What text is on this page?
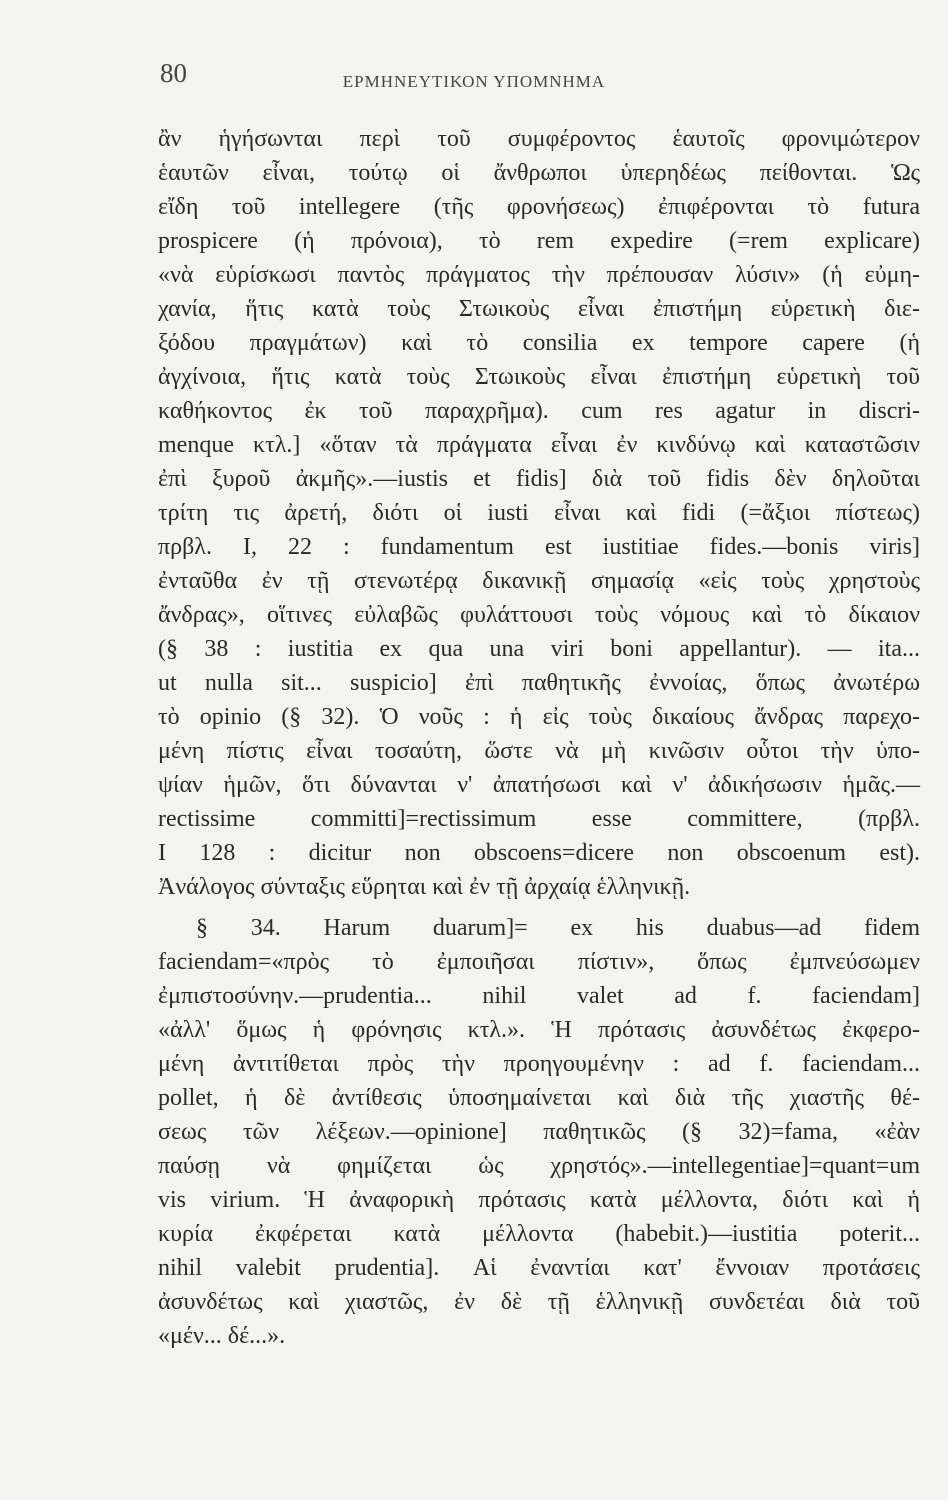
80	ΕΡΜΗΝΕΥΤΙΚΟΝ ΥΠΟΜΝΗΜΑ
ἂν ἡγήσωνται περὶ τοῦ συμφέροντος ἑαυτοῖς φρονιμώτερον
ἑαυτῶν εἶναι, τούτῳ οἱ ἄνθρωποι ὑπερηδέως πείθονται. Ὡς
εἴδη τοῦ intellegere (τῆς φρονήσεως) ἐπιφέρονται τὸ futura
prospicere (ἡ πρόνοια), τὸ rem expedire (=rem explicare)
«νὰ εὑρίσκωσι παντὸς πράγματος τὴν πρέπουσαν λύσιν» (ἡ εὐμη-
χανία, ἥτις κατὰ τοὺς Στωικοὺς εἶναι ἐπιστήμη εὑρετικὴ διε-
ξόδου πραγμάτων) καὶ τὸ consilia ex tempore capere (ἡ
ἀγχίνοια, ἥτις κατὰ τοὺς Στωικοὺς εἶναι ἐπιστήμη εὑρετικὴ τοῦ
καθήκοντος ἐκ τοῦ παραχρῆμα). cum res agatur in discri-
menque κτλ.] «ὅταν τὰ πράγματα εἶναι ἐν κινδύνῳ καὶ καταστῶσιν
ἐπὶ ξυροῦ ἀκμῆς».—iustis et fidis] διὰ τοῦ fidis δὲν δηλοῦται
τρίτη τις ἀρετή, διότι οἱ iusti εἶναι καὶ fidi (=ἄξιοι πίστεως)
πρβλ. I, 22 : fundamentum est iustitiae fides.—bonis viris]
ἐνταῦθα ἐν τῇ στενωτέρᾳ δικανικῇ σημασίᾳ «εἰς τοὺς χρηστοὺς
ἄνδρας», οἵτινες εὐλαβῶς φυλάττουσι τοὺς νόμους καὶ τὸ δίκαιον
(§ 38 : iustitia ex qua una viri boni appellantur). — ita...
ut nulla sit... suspicio] ἐπὶ παθητικῆς ἐννοίας, ὅπως ἀνωτέρω
τὸ opinio (§ 32). Ὁ νοῦς : ἡ εἰς τοὺς δικαίους ἄνδρας παρεχο-
μένη πίστις εἶναι τοσαύτη, ὥστε νὰ μὴ κινῶσιν οὗτοι τὴν ὑπο-
ψίαν ἡμῶν, ὅτι δύνανται ν' ἀπατήσωσι καὶ ν' ἀδικήσωσιν ἡμᾶς.—
rectissime committi]=rectissimum esse committere, (πρβλ.
I 128 : dicitur non obscoens=dicere non obscoenum est).
Ἀνάλογος σύνταξις εὕρηται καὶ ἐν τῇ ἀρχαίᾳ ἑλληνικῇ.
§ 34. Harum duarum]= ex his duabus—ad fidem
faciendam=«πρὸς τὸ ἐμποιῆσαι πίστιν», ὅπως ἐμπνεύσωμεν
ἐμπιστοσύνην.—prudentia... nihil valet ad f. faciendam]
«ἀλλ' ὅμως ἡ φρόνησις κτλ.». Ἡ πρότασις ἀσυνδέτως ἐκφερο-
μένη ἀντιτίθεται πρὸς τὴν προηγουμένην : ad f. faciendam...
pollet, ἡ δὲ ἀντίθεσις ὑποσημαίνεται καὶ διὰ τῆς χιαστῆς θέ-
σεως τῶν λέξεων.—opinione] παθητικῶς (§ 32)=fama, «ἐὰν
παύσῃ νὰ φημίζεται ὡς χρηστός».—intellegentiae]=quant=um
vis virium. Ἡ ἀναφορικὴ πρότασις κατὰ μέλλοντα, διότι καὶ ἡ
κυρία ἐκφέρεται κατὰ μέλλοντα (habebit.)—iustitia poterit...
nihil valebit prudentia]. Αἱ ἐναντίαι κατ' ἔννοιαν προτάσεις
ἀσυνδέτως καὶ χιαστῶς, ἐν δὲ τῇ ἑλληνικῇ συνδετέαι διὰ τοῦ
«μέν... δέ...».
